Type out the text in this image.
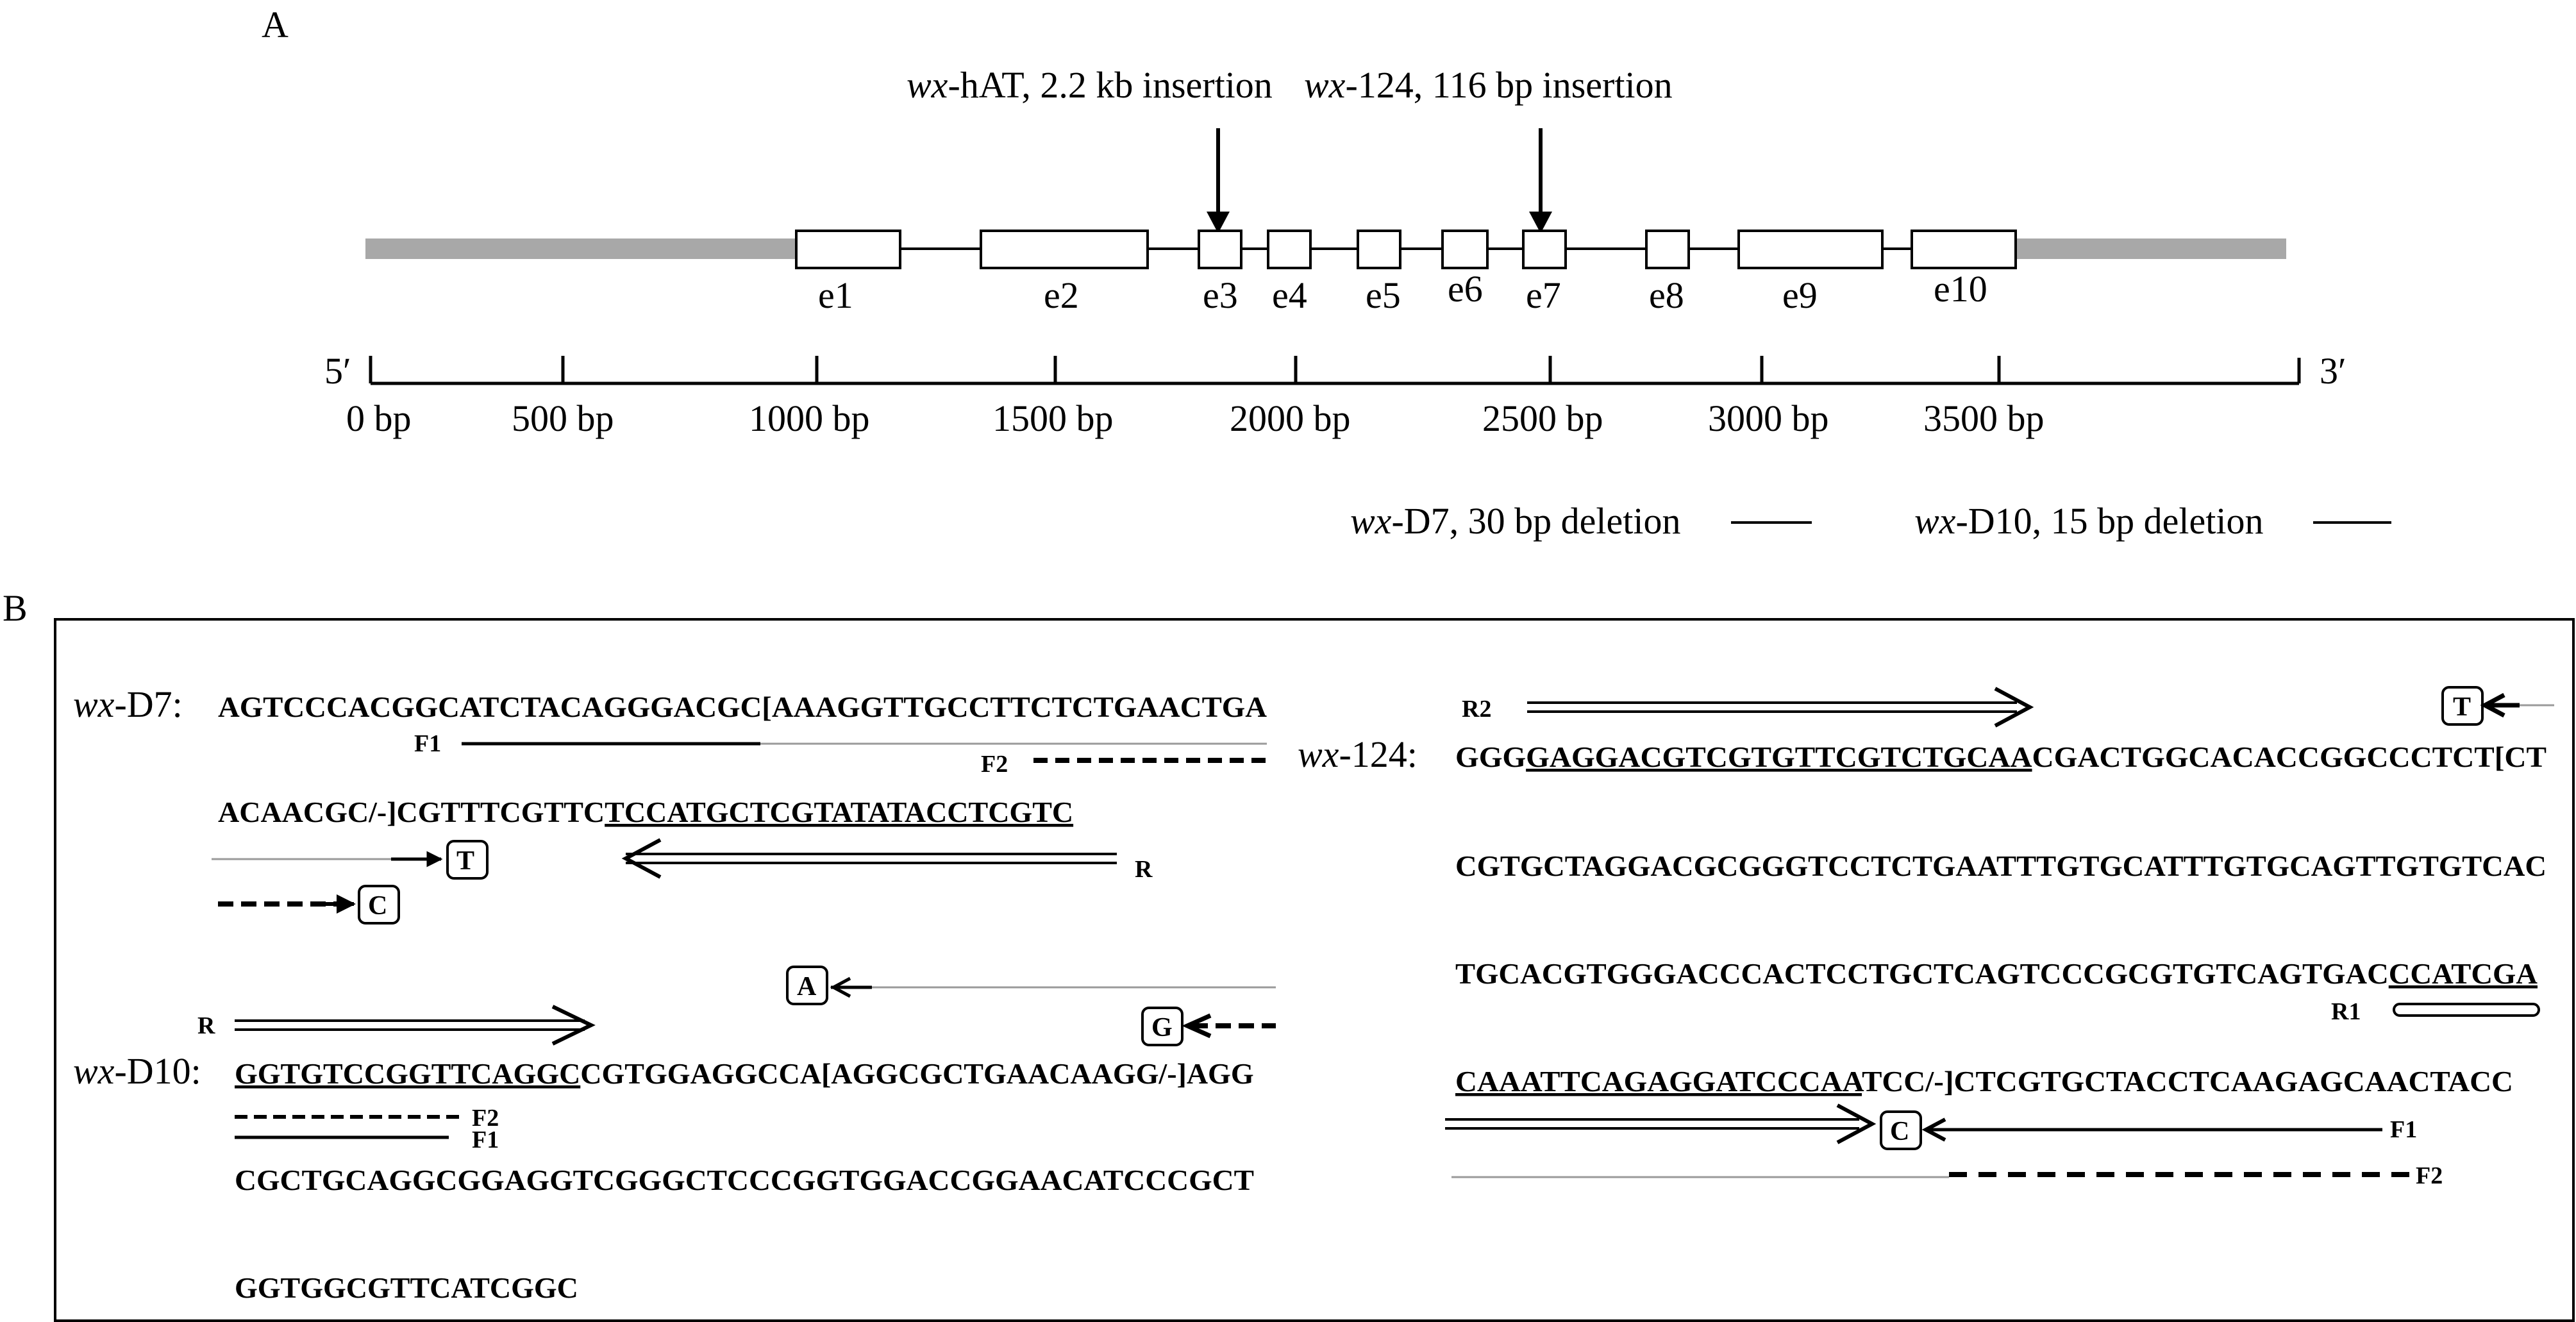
A
wx-hAT, 2.2 kb insertion wx-124, 116 bp insertion
e1	e2	e3 e4 e5 e6 e7 e8	e9	e10
5′	3′
0 bp	500 bp	1000 bp	1500 bp	2000 bp	2500 bp	3000 bp	3500 bp
wx-D7, 30 bp deletion	wx-D10, 15 bp deletion
B
wx-D7: AGTCCCACGGCATCTACAGGGACGC[AAAGGTTGCCTTCTCTGAACTGA
F1
F2
ACAACGC/-]CGTTTCGTTCTCCATGCTCGTATATACCTCGTC
T
C
R
A
G
R
wx-D10: GGTGTCCGGTTCAGGCCGTGGAGGCCA[AGGCGCTGAACAAGG/-]AGG
F2
F1
CGCTGCAGGCGGAGGTCGGGCTCCCGGTGGACCGGAACATCCCGCT
GGTGGCGTTCATCGGC
R2	T
wx-124: GGGGAGGACGTCGTGTTCGTCTGCAA CGACTGGCACACCGGCCCTCT[CT
CGTGCTAGGACGCGGGTCCTCTGAATTTGTGCATTTGTGCAGTTGTGTCAC
TGCACGTGGGACCCACTCCTGCTCAGTCCCGCGTGTCAGTGAC CCATCGA
R1
CAAATTCAGAGGATCCCAA TCC/-]CTCGTGCTACCTCAAGAGCAACTACC
C	F1
F2
